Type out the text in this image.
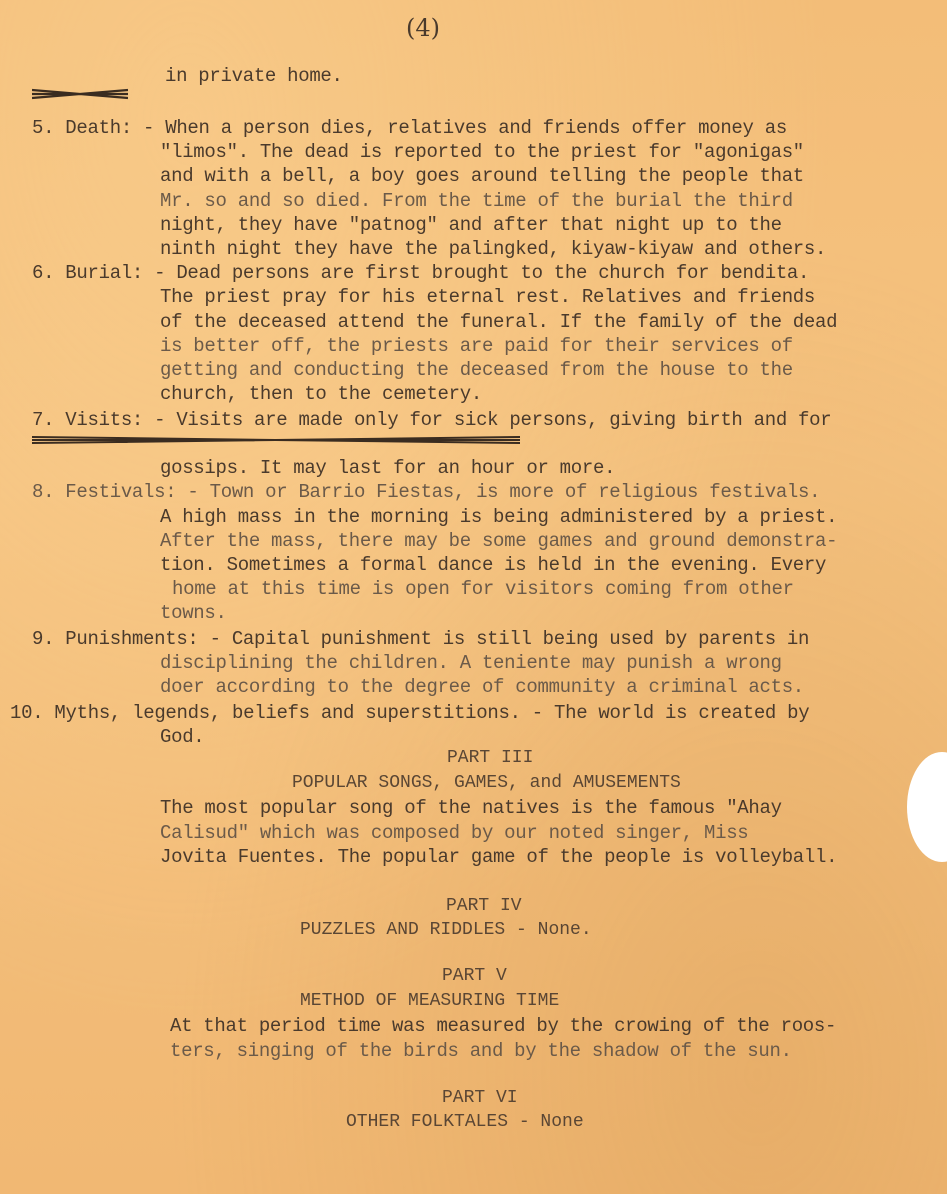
(4)
in private home.
5. Death: - When a person dies, relatives and friends offer money as
"limos". The dead is reported to the priest for "agonigas"
and with a bell, a boy goes around telling the people that
Mr. so and so died. From the time of the burial the third
night, they have "patnog" and after that night up to the
ninth night they have the palingked, kiyaw-kiyaw and others.
6. Burial: - Dead persons are first brought to the church for bendita.
The priest pray for his eternal rest. Relatives and friends
of the deceased attend the funeral. If the family of the dead
is better off, the priests are paid for their services of
getting and conducting the deceased from the house to the
church, then to the cemetery.
7. Visits: - Visits are made only for sick persons, giving birth and for
gossips. It may last for an hour or more.
8. Festivals: - Town or Barrio Fiestas, is more of religious festivals.
A high mass in the morning is being administered by a priest.
After the mass, there may be some games and ground demonstra-
tion. Sometimes a formal dance is held in the evening. Every
home at this time is open for visitors coming from other
towns.
9. Punishments: - Capital punishment is still being used by parents in
disciplining the children. A teniente may punish a wrong
doer according to the degree of community a criminal acts.
10. Myths, legends, beliefs and superstitions. - The world is created by
God.
PART III
POPULAR SONGS, GAMES, and AMUSEMENTS
The most popular song of the natives is the famous "Ahay
Calisud" which was composed by our noted singer, Miss
Jovita Fuentes. The popular game of the people is volleyball.
PART IV
PUZZLES AND RIDDLES - None.
PART V
METHOD OF MEASURING TIME
At that period time was measured by the crowing of the roos-
ters, singing of the birds and by the shadow of the sun.
PART VI
OTHER FOLKTALES - None
